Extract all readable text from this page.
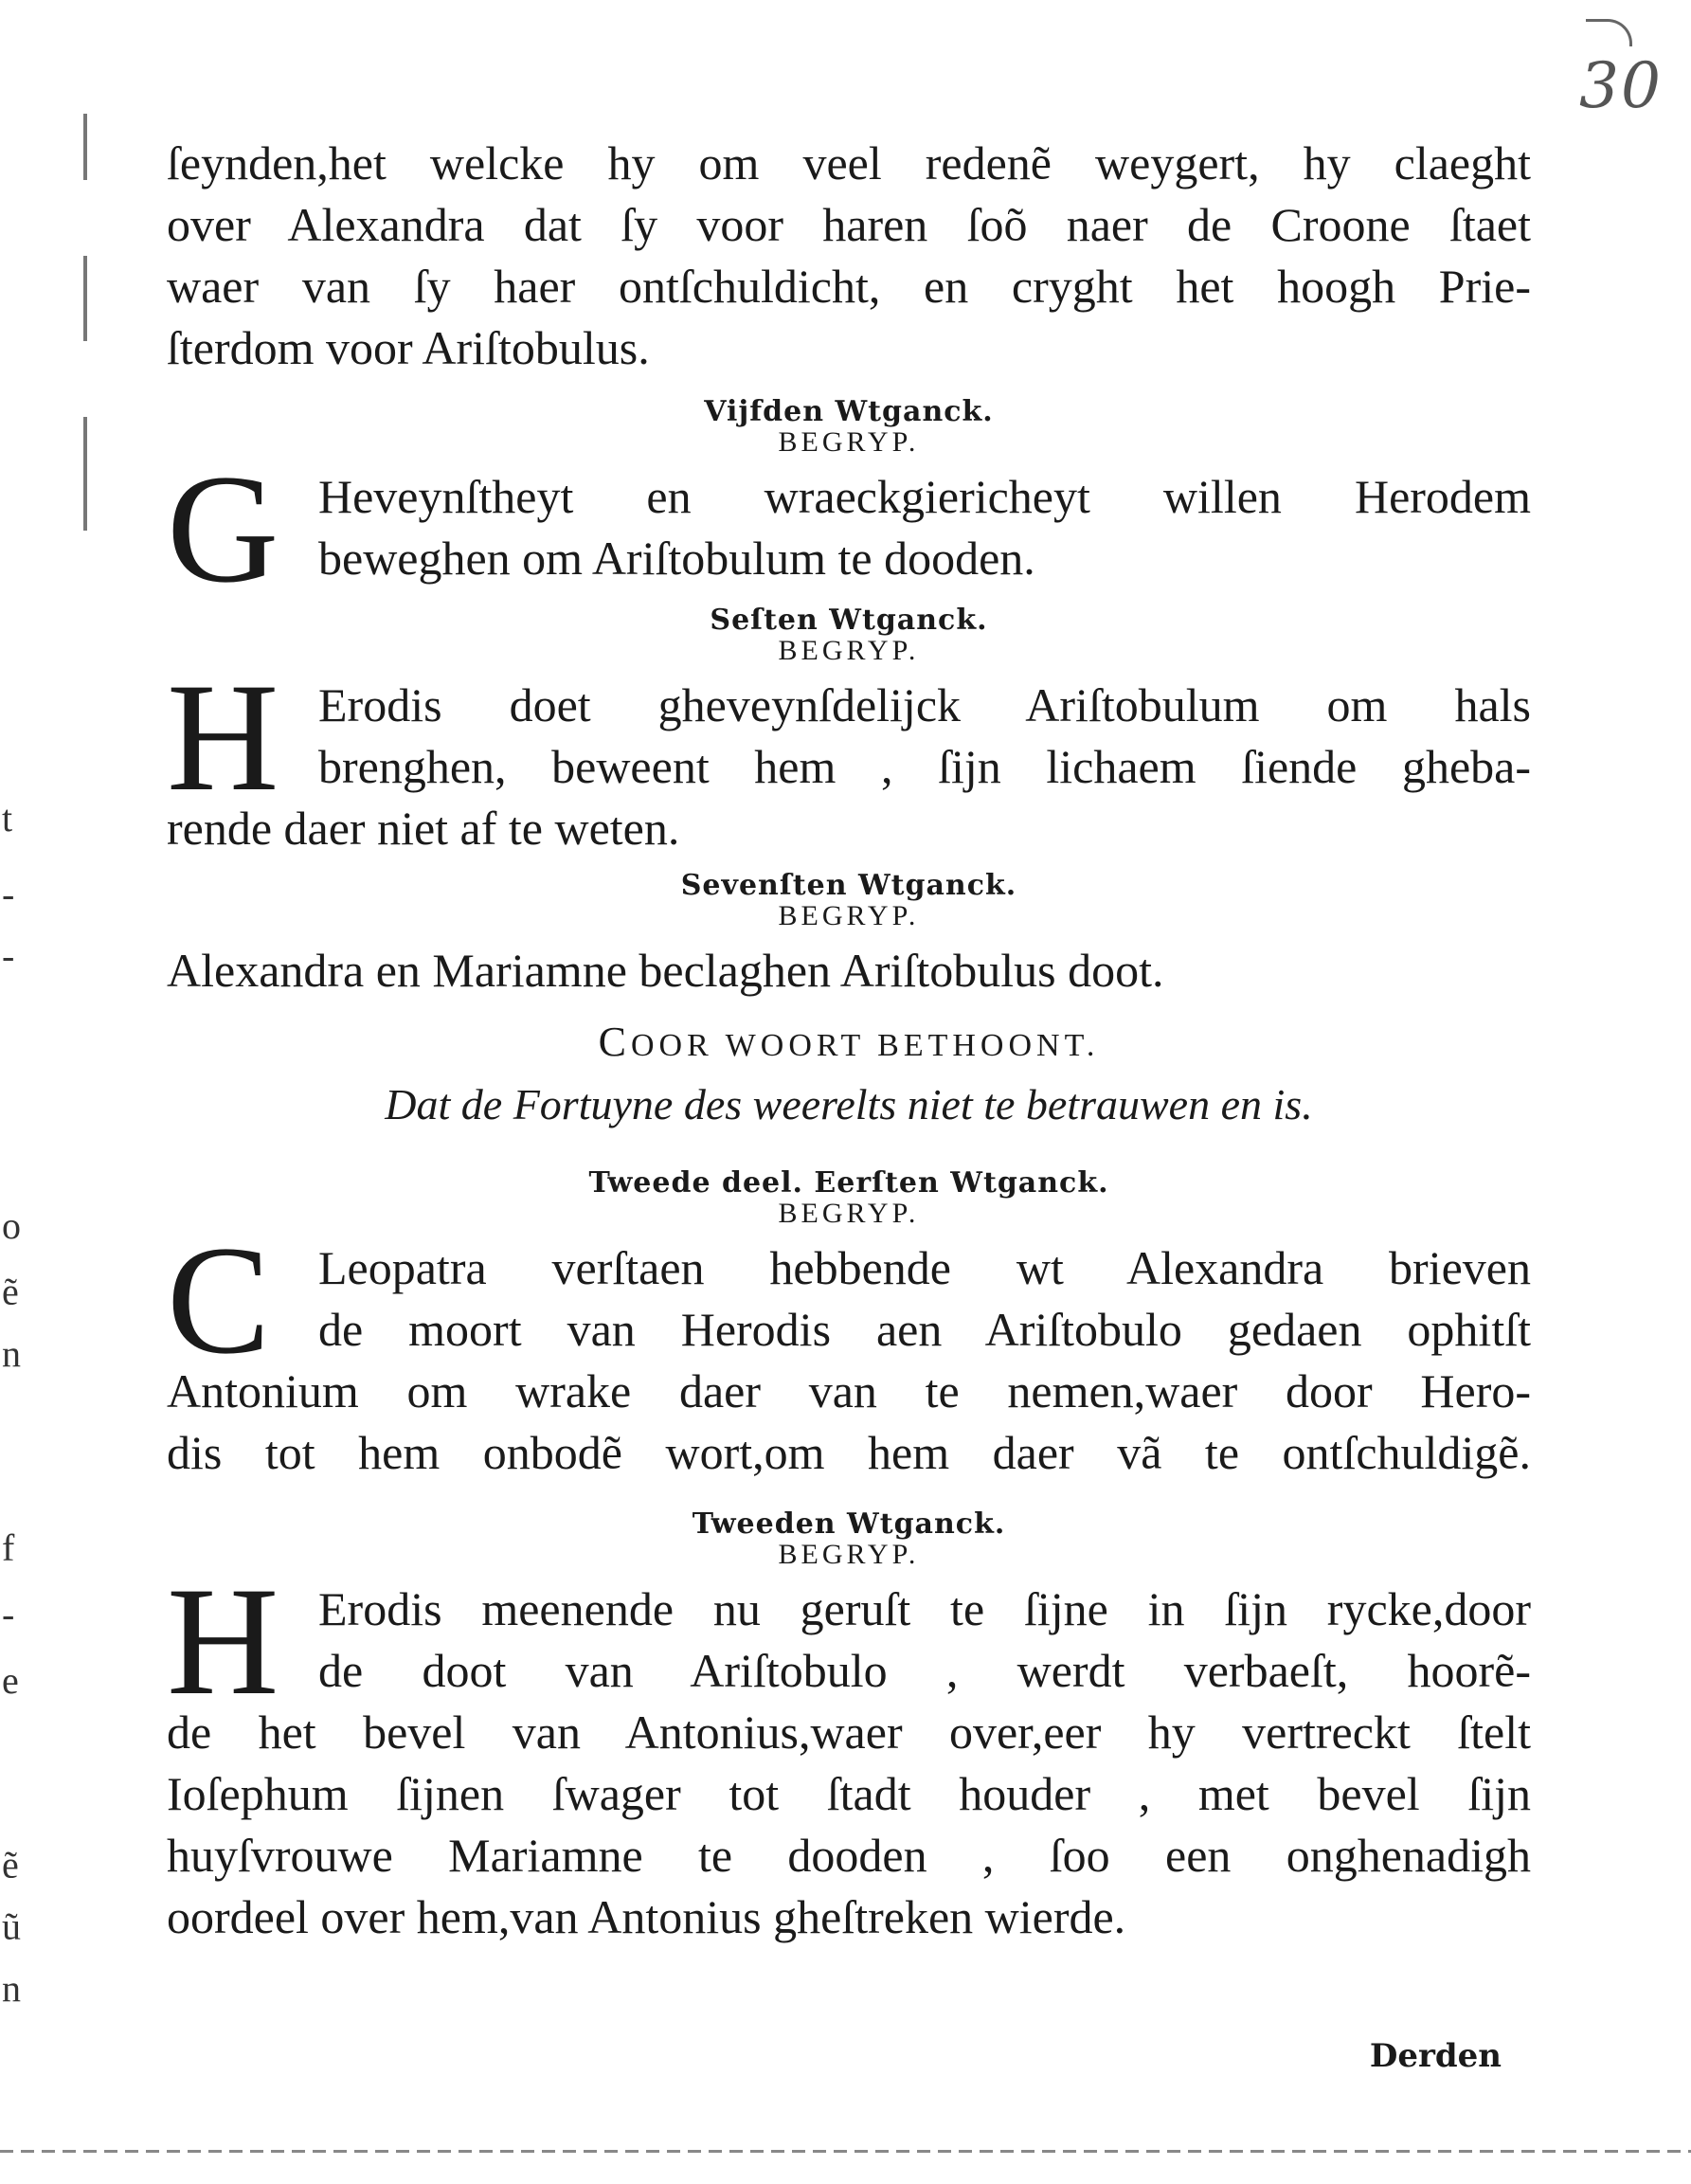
30
t
-
-
o
ẽ
n
f
-
e
ẽ
ũ
n

ſeynden,het welcke hy om veel redenẽ weygert, hy claeght
over Alexandra dat ſy voor haren ſoõ naer de Croone ſtaet
waer van ſy haer ontſchuldicht, en cryght het hoogh Prie-
ſterdom voor Ariſtobulus.

Vijfden Wtganck.

BEGRYP.

G Heveynſtheyt en wraeckgiericheyt willen Herodem
beweghen om Ariſtobulum te dooden.

Seſten Wtganck.

BEGRYP.

H Erodis doet gheveynſdelijck Ariſtobulum om hals
brenghen, beweent hem , ſijn lichaem ſiende gheba-
rende daer niet af te weten.

Sevenſten Wtganck.

BEGRYP.

Alexandra en Mariamne beclaghen Ariſtobulus doot.

COOR WOORT BETHOONT.

Dat de Fortuyne des weerelts niet te betrauwen en is.

Tweede deel. Eerſten Wtganck.

BEGRYP.

C	Leopatra verſtaen hebbende wt Alexandra brieven
de moort van Herodis aen Ariſtobulo gedaen ophitſt
Antonium om wrake daer van te nemen,waer door Hero-
dis tot hem onbodẽ wort,om hem daer vã te ontſchuldigẽ.

Tweeden Wtganck.

BEGRYP.

H Erodis meenende nu geruſt te ſijne in ſijn rycke,door
de doot van Ariſtobulo , werdt verbaeſt, hoorẽ-
de het bevel van Antonius,waer over,eer hy vertreckt ſtelt
Ioſephum ſijnen ſwager tot ſtadt houder , met bevel ſijn
huyſvrouwe Mariamne te dooden , ſoo een onghenadigh
oordeel over hem,van Antonius gheſtreken wierde.

Derden
